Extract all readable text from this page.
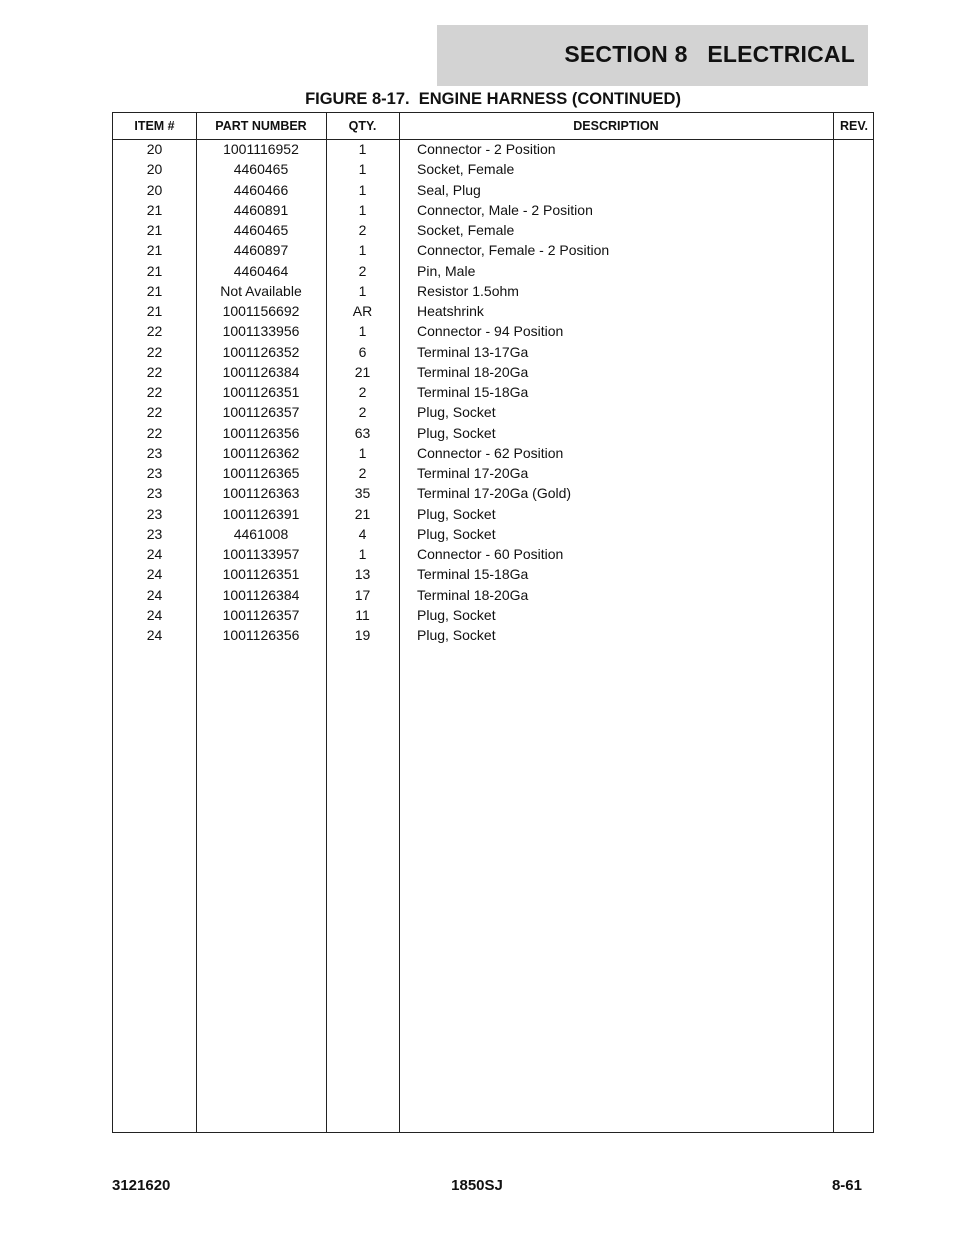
SECTION 8   ELECTRICAL
FIGURE 8-17.  ENGINE HARNESS (CONTINUED)
ITEM #	PART NUMBER	QTY.	DESCRIPTION	REV.
20	1001116952	1	Connector - 2 Position
20	4460465	1	Socket, Female
20	4460466	1	Seal, Plug
21	4460891	1	Connector, Male - 2 Position
21	4460465	2	Socket, Female
21	4460897	1	Connector, Female - 2 Position
21	4460464	2	Pin, Male
21	Not Available	1	Resistor 1.5ohm
21	1001156692	AR	Heatshrink
22	1001133956	1	Connector - 94 Position
22	1001126352	6	Terminal 13-17Ga
22	1001126384	21	Terminal 18-20Ga
22	1001126351	2	Terminal 15-18Ga
22	1001126357	2	Plug, Socket
22	1001126356	63	Plug, Socket
23	1001126362	1	Connector - 62 Position
23	1001126365	2	Terminal 17-20Ga
23	1001126363	35	Terminal 17-20Ga (Gold)
23	1001126391	21	Plug, Socket
23	4461008	4	Plug, Socket
24	1001133957	1	Connector - 60 Position
24	1001126351	13	Terminal 15-18Ga
24	1001126384	17	Terminal 18-20Ga
24	1001126357	11	Plug, Socket
24	1001126356	19	Plug, Socket
3121620	1850SJ	8-61
